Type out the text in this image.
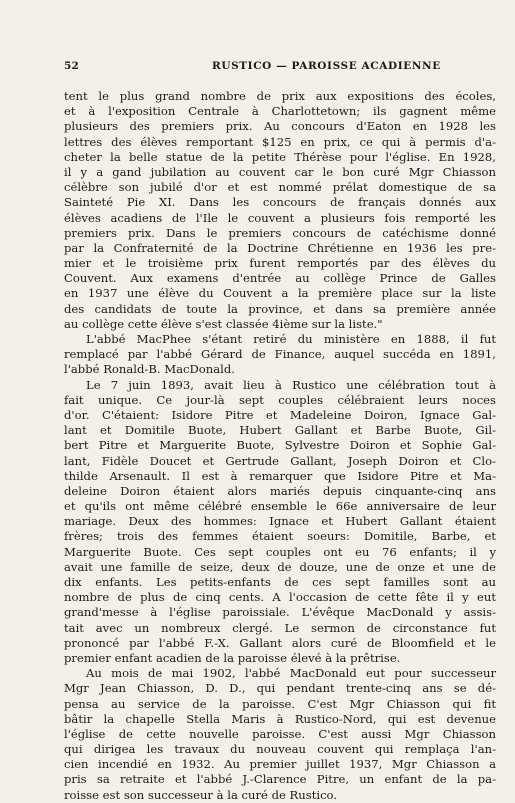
52	RUSTICO — PAROISSE ACADIENNE
tent le plus grand nombre de prix aux expositions des écoles,
et à l'exposition Centrale à Charlottetown; ils gagnent même
plusieurs des premiers prix. Au concours d'Eaton en 1928 les
lettres des élèves remportant $125 en prix, ce qui à permis d'a-
cheter la belle statue de la petite Thérèse pour l'église. En 1928,
il y a gand jubilation au couvent car le bon curé Mgr Chiasson
célèbre son jubilé d'or et est nommé prélat domestique de sa
Sainteté Pie XI. Dans les concours de français donnés aux
élèves acadiens de l'Ile le couvent a plusieurs fois remporté les
premiers prix. Dans le premiers concours de catéchisme donné
par la Confraternité de la Doctrine Chrétienne en 1936 les pre-
mier et le troisième prix furent remportés par des élèves du
Couvent. Aux examens d'entrée au collège Prince de Galles
en 1937 une élève du Couvent a la première place sur la liste
des candidats de toute la province, et dans sa première année
au collège cette élève s'est classée 4ième sur la liste."
L'abbé MacPhee s'étant retiré du ministère en 1888, il fut
remplacé par l'abbé Gérard de Finance, auquel succéda en 1891,
l'abbé Ronald-B. MacDonald.
Le 7 juin 1893, avait lieu à Rustico une célébration tout à
fait unique. Ce jour-là sept couples célébraient leurs noces
d'or. C'étaient: Isidore Pitre et Madeleine Doiron, Ignace Gal-
lant et Domitile Buote, Hubert Gallant et Barbe Buote, Gil-
bert Pitre et Marguerite Buote, Sylvestre Doiron et Sophie Gal-
lant, Fidèle Doucet et Gertrude Gallant, Joseph Doiron et Clo-
thilde Arsenault. Il est à remarquer que Isidore Pitre et Ma-
deleine Doiron étaient alors mariés depuis cinquante-cinq ans
et qu'ils ont même célébré ensemble le 66e anniversaire de leur
mariage. Deux des hommes: Ignace et Hubert Gallant étaient
frères; trois des femmes étaient soeurs: Domitile, Barbe, et
Marguerite Buote. Ces sept couples ont eu 76 enfants; il y
avait une famille de seize, deux de douze, une de onze et une de
dix enfants. Les petits-enfants de ces sept familles sont au
nombre de plus de cinq cents. A l'occasion de cette fête il y eut
grand'messe à l'église paroissiale. L'évêque MacDonald y assis-
tait avec un nombreux clergé. Le sermon de circonstance fut
prononcé par l'abbé F.-X. Gallant alors curé de Bloomfield et le
premier enfant acadien de la paroisse élevé à la prêtrise.
Au mois de mai 1902, l'abbé MacDonald eut pour successeur
Mgr Jean Chiasson, D. D., qui pendant trente-cinq ans se dé-
pensa au service de la paroisse. C'est Mgr Chiasson qui fit
bâtir la chapelle Stella Maris à Rustico-Nord, qui est devenue
l'église de cette nouvelle paroisse. C'est aussi Mgr Chiasson
qui dirigea les travaux du nouveau couvent qui remplaça l'an-
cien incendié en 1932. Au premier juillet 1937, Mgr Chiasson a
pris sa retraite et l'abbé J.-Clarence Pitre, un enfant de la pa-
roisse est son successeur à la curé de Rustico.
